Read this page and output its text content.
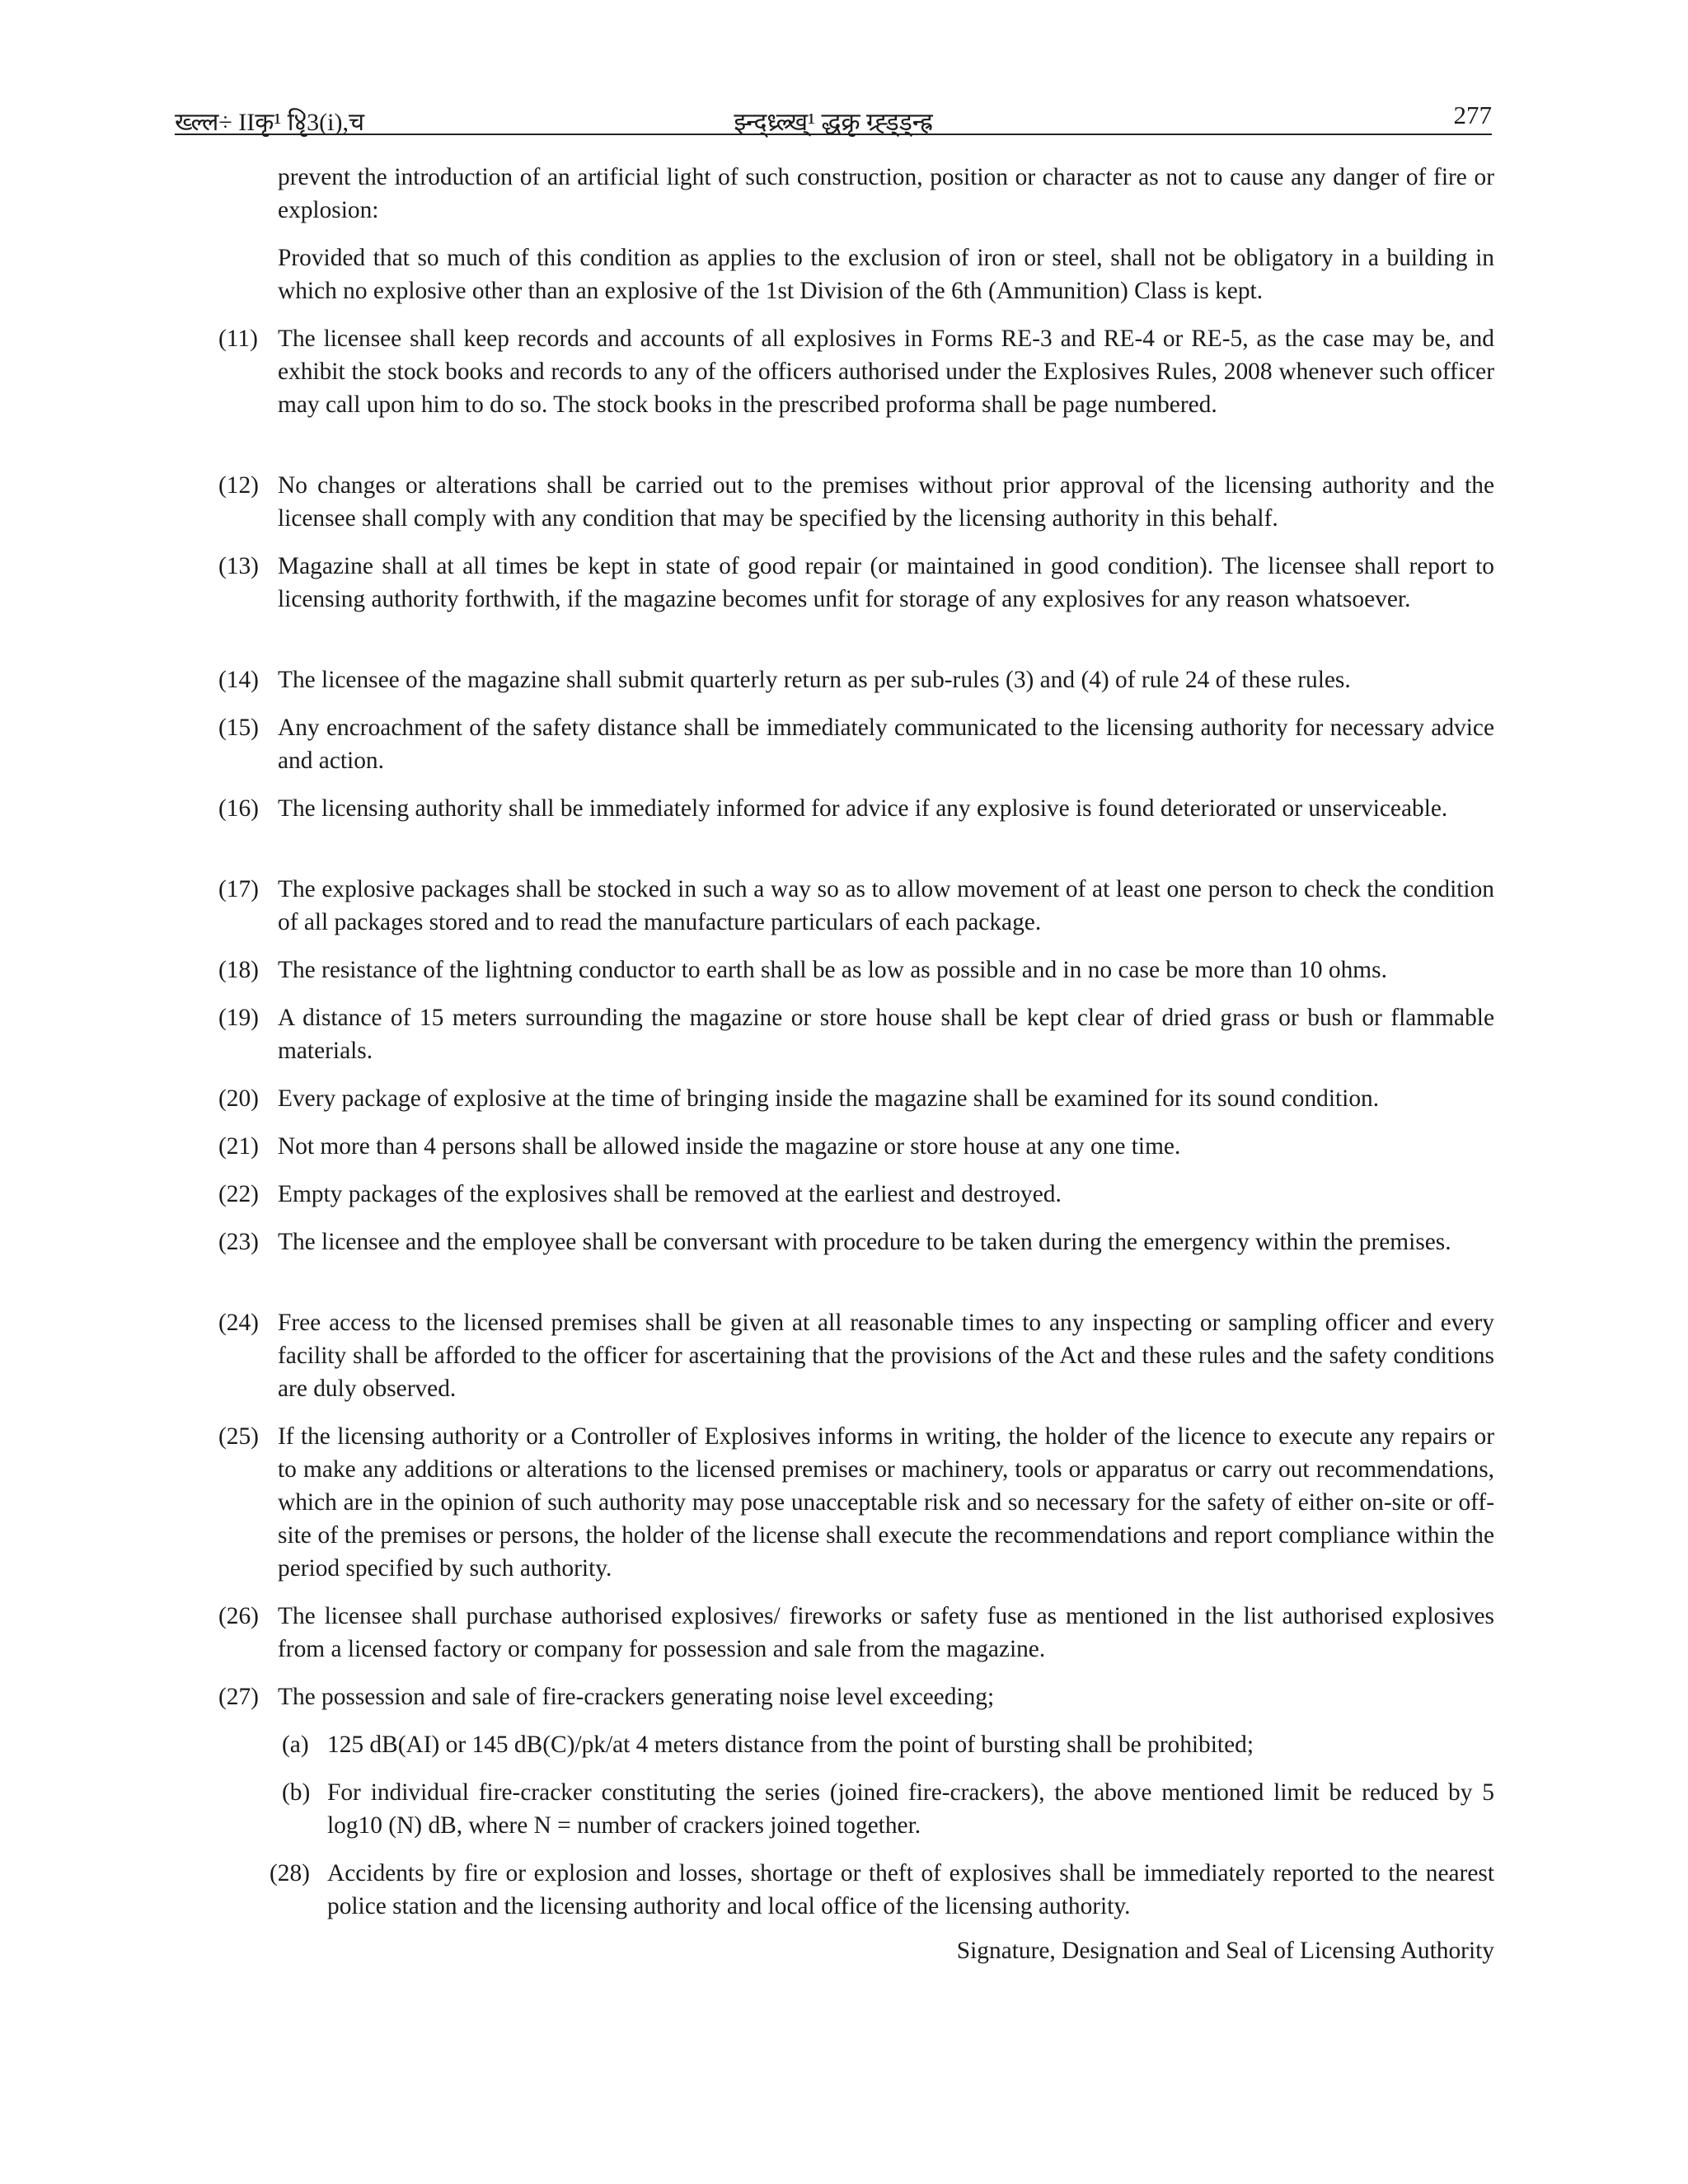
ख्ल्ल÷ IIकृ¹ ४ृि3(i),च	झ्न्द्ध्र्ल्र्ख्¹ द्धक्रृ ग्र्ह्ड्ड्न्ह्र	277
prevent the introduction of an artificial light of such construction, position or character as not to cause any danger of fire or explosion:
Provided that so much of this condition as applies to the exclusion of iron or steel, shall not be obligatory in a building in which no explosive other than an explosive of the 1st Division of the 6th (Ammunition) Class is kept.
(11) The licensee shall keep records and accounts of all explosives in Forms RE-3 and RE-4 or RE-5, as the case may be, and exhibit the stock books and records to any of the officers authorised under the Explosives Rules, 2008 whenever such officer may call upon him to do so. The stock books in the prescribed proforma shall be page numbered.
(12) No changes or alterations shall be carried out to the premises without prior approval of the licensing authority and the licensee shall comply with any condition that may be specified by the licensing authority in this behalf.
(13) Magazine shall at all times be kept in state of good repair (or maintained in good condition). The licensee shall report to licensing authority forthwith, if the magazine becomes unfit for storage of any explosives for any reason whatsoever.
(14) The licensee of the magazine shall submit quarterly return as per sub-rules (3) and (4) of rule 24 of these rules.
(15) Any encroachment of the safety distance shall be immediately communicated to the licensing authority for necessary advice and action.
(16) The licensing authority shall be immediately informed for advice if any explosive is found deteriorated or unserviceable.
(17) The explosive packages shall be stocked in such a way so as to allow movement of at least one person to check the condition of all packages stored and to read the manufacture particulars of each package.
(18) The resistance of the lightning conductor to earth shall be as low as possible and in no case be more than 10 ohms.
(19) A distance of 15 meters surrounding the magazine or store house shall be kept clear of dried grass or bush or flammable materials.
(20) Every package of explosive at the time of bringing inside the magazine shall be examined for its sound condition.
(21) Not more than 4 persons shall be allowed inside the magazine or store house at any one time.
(22) Empty packages of the explosives shall be removed at the earliest and destroyed.
(23) The licensee and the employee shall be conversant with procedure to be taken during the emergency within the premises.
(24) Free access to the licensed premises shall be given at all reasonable times to any inspecting or sampling officer and every facility shall be afforded to the officer for ascertaining that the provisions of the Act and these rules and the safety conditions are duly observed.
(25) If the licensing authority or a Controller of Explosives informs in writing, the holder of the licence to execute any repairs or to make any additions or alterations to the licensed premises or machinery, tools or apparatus or carry out recommendations, which are in the opinion of such authority may pose unacceptable risk and so necessary for the safety of either on-site or off-site of the premises or persons, the holder of the license shall execute the recommendations and report compliance within the period specified by such authority.
(26) The licensee shall purchase authorised explosives/ fireworks or safety fuse as mentioned in the list authorised explosives from a licensed factory or company for possession and sale from the magazine.
(27) The possession and sale of fire-crackers generating noise level exceeding;
(a) 125 dB(AI) or 145 dB(C)/pk/at 4 meters distance from the point of bursting shall be prohibited;
(b) For individual fire-cracker constituting the series (joined fire-crackers), the above mentioned limit be reduced by 5 log10 (N) dB, where N = number of crackers joined together.
(28) Accidents by fire or explosion and losses, shortage or theft of explosives shall be immediately reported to the nearest police station and the licensing authority and local office of the licensing authority.
Signature, Designation and Seal of Licensing Authority
